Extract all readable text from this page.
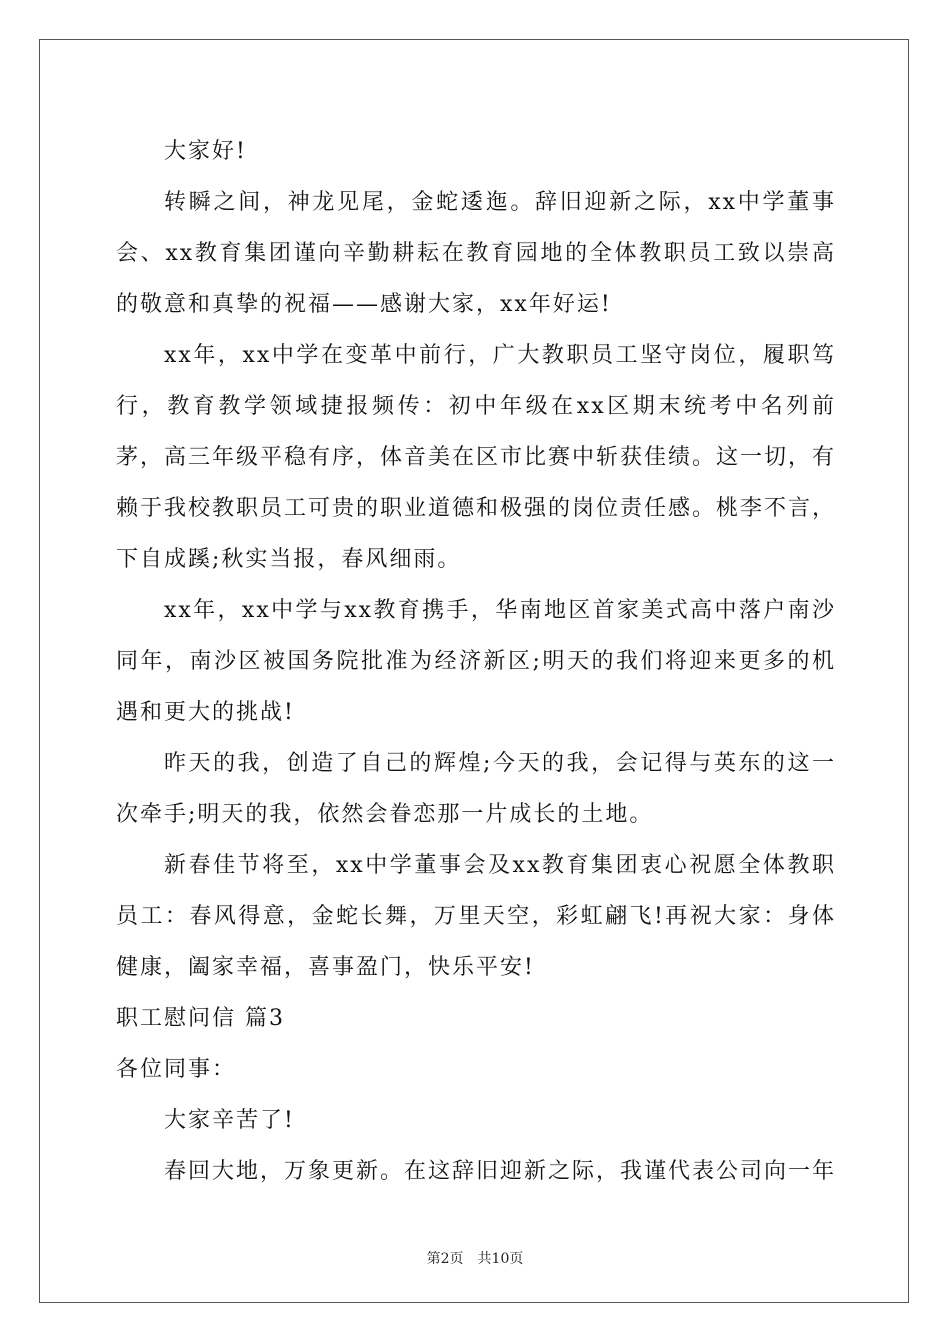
大家好!

转瞬之间，神龙见尾，金蛇逶迤。辞旧迎新之际，xx中学董事会、xx教育集团谨向辛勤耕耘在教育园地的全体教职员工致以崇高的敬意和真挚的祝福——感谢大家，xx年好运!

xx年，xx中学在变革中前行，广大教职员工坚守岗位，履职笃行，教育教学领域捷报频传：初中年级在xx区期末统考中名列前茅，高三年级平稳有序，体音美在区市比赛中斩获佳绩。这一切，有赖于我校教职员工可贵的职业道德和极强的岗位责任感。桃李不言，下自成蹊;秋实当报，春风细雨。

xx年，xx中学与xx教育携手，华南地区首家美式高中落户南沙同年，南沙区被国务院批准为经济新区;明天的我们将迎来更多的机遇和更大的挑战!

昨天的我，创造了自己的辉煌;今天的我，会记得与英东的这一次牵手;明天的我，依然会眷恋那一片成长的土地。

新春佳节将至，xx中学董事会及xx教育集团衷心祝愿全体教职员工：春风得意，金蛇长舞，万里天空，彩虹翩飞!再祝大家：身体健康，阖家幸福，喜事盈门，快乐平安!

职工慰问信 篇3

各位同事：

大家辛苦了!

春回大地，万象更新。在这辞旧迎新之际，我谨代表公司向一年

第2页　共10页
